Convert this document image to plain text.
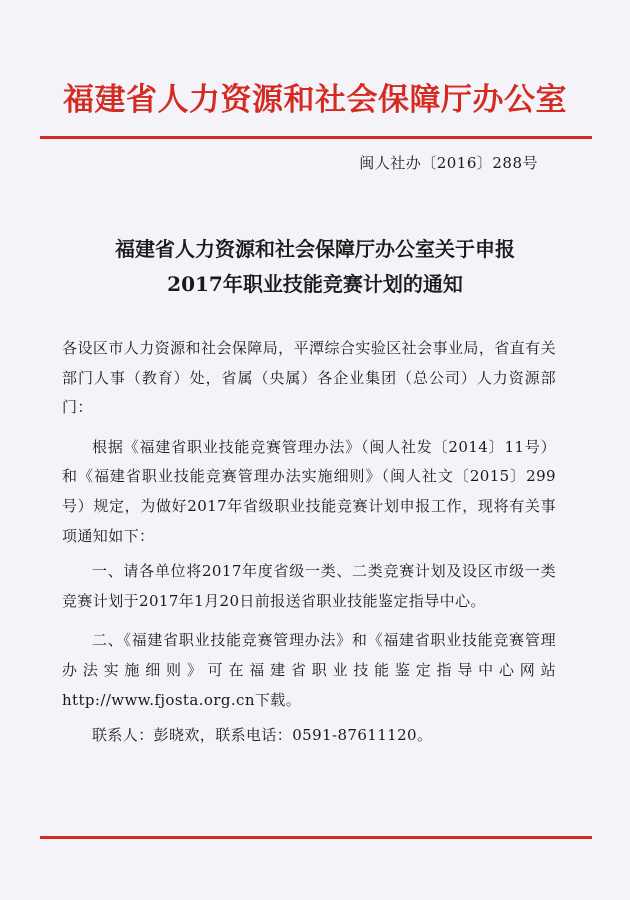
福建省人力资源和社会保障厅办公室
闽人社办〔2016〕288号
福建省人力资源和社会保障厅办公室关于申报
2017年职业技能竞赛计划的通知

各设区市人力资源和社会保障局，平潭综合实验区社会事业局，省直有关部门人事（教育）处，省属（央属）各企业集团（总公司）人力资源部门：

根据《福建省职业技能竞赛管理办法》（闽人社发〔2014〕11号）和《福建省职业技能竞赛管理办法实施细则》（闽人社文〔2015〕299号）规定，为做好2017年省级职业技能竞赛计划申报工作，现将有关事项通知如下：

一、请各单位将2017年度省级一类、二类竞赛计划及设区市级一类竞赛计划于2017年1月20日前报送省职业技能鉴定指导中心。

二、《福建省职业技能竞赛管理办法》和《福建省职业技能竞赛管理办法实施细则》可在福建省职业技能鉴定指导中心网站http://www.fjosta.org.cn下载。

联系人：彭晓欢，联系电话：0591-87611120。
